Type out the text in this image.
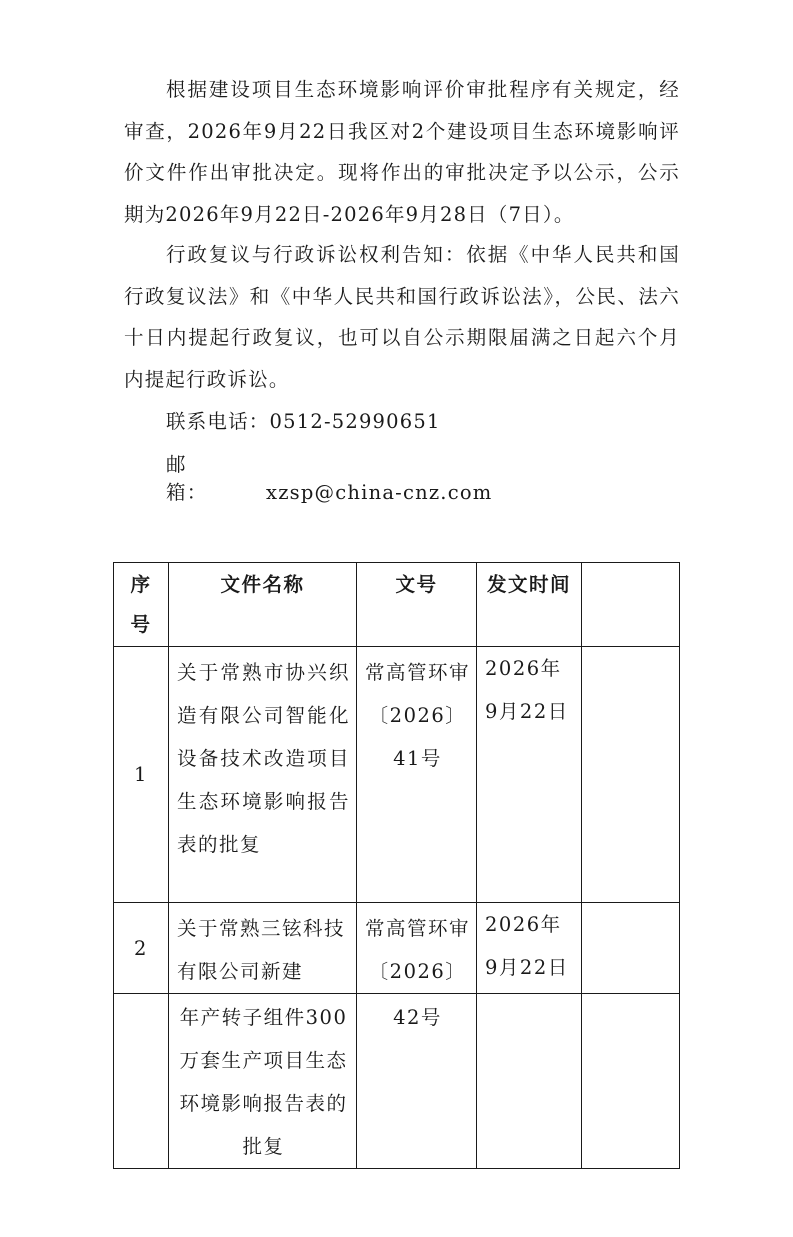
根据建设项目生态环境影响评价审批程序有关规定，经审查，2026年9月22日我区对2个建设项目生态环境影响评价文件作出审批决定。现将作出的审批决定予以公示，公示期为2026年9月22日-2026年9月28日（7日）。

行政复议与行政诉讼权利告知：依据《中华人民共和国行政复议法》和《中华人民共和国行政诉讼法》，公民、法六十日内提起行政复议，也可以自公示期限届满之日起六个月内提起行政诉讼。

联系电话：0512-52990651

邮　　箱：	xzsp@china-cnz.com

序号	文件名称	文号	发文时间	
1	关于常熟市协兴织造有限公司智能化设备技术改造项目生态环境影响报告表的批复	常高管环审〔2026〕41号	2026年9月22日	
2	关于常熟三铉科技有限公司新建	常高管环审〔2026〕	2026年9月22日	
	年产转子组件300万套生产项目生态环境影响报告表的批复	42号		
